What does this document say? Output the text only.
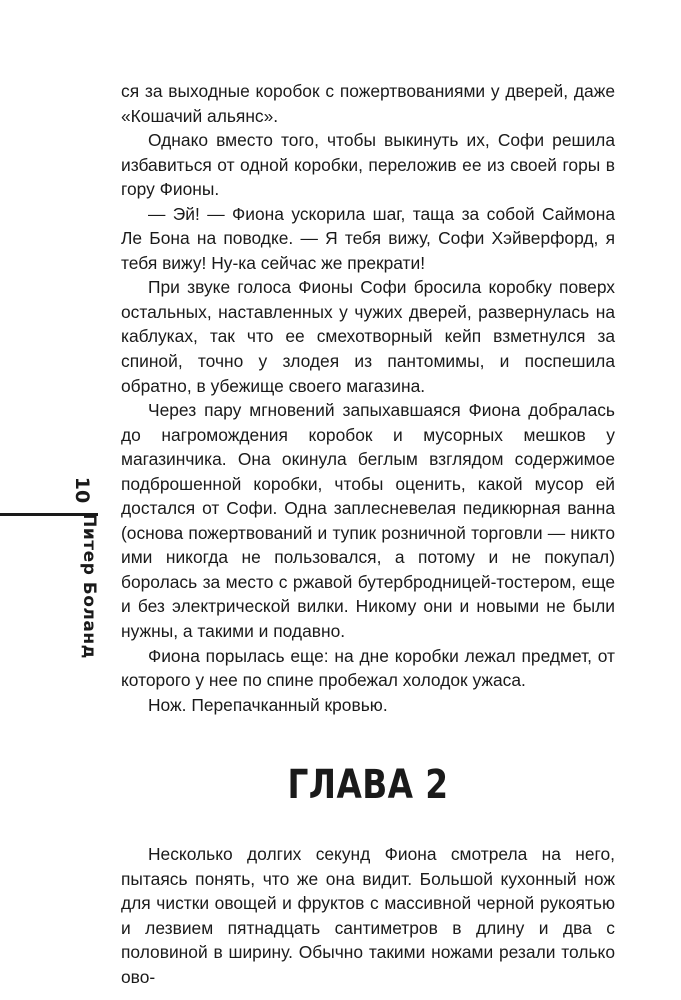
10
Питер Боланд

ся за выходные коробок с пожертвованиями у дверей, даже «Кошачий альянс».

Однако вместо того, чтобы выкинуть их, Софи решила избавиться от одной коробки, переложив ее из своей горы в гору Фионы.

— Эй! — Фиона ускорила шаг, таща за собой Саймона Ле Бона на поводке. — Я тебя вижу, Софи Хэйверфорд, я тебя вижу! Ну-ка сейчас же прекрати!

При звуке голоса Фионы Софи бросила коробку поверх остальных, наставленных у чужих дверей, развернулась на каблуках, так что ее смехотворный кейп взметнулся за спиной, точно у злодея из пантомимы, и поспешила обратно, в убежище своего магазина.

Через пару мгновений запыхавшаяся Фиона добралась до нагромождения коробок и мусорных мешков у магазинчика. Она окинула беглым взглядом содержимое подброшенной коробки, чтобы оценить, какой мусор ей достался от Софи. Одна заплесневелая педикюрная ванна (основа пожертвований и тупик розничной торговли — никто ими никогда не пользовался, а потому и не покупал) боролась за место с ржавой бутербродницей-тостером, еще и без электрической вилки. Никому они и новыми не были нужны, а такими и подавно.

Фиона порылась еще: на дне коробки лежал предмет, от которого у нее по спине пробежал холодок ужаса.

Нож. Перепачканный кровью.

ГЛАВА 2

Несколько долгих секунд Фиона смотрела на него, пытаясь понять, что же она видит. Большой кухонный нож для чистки овощей и фруктов с массивной черной рукоятью и лезвием пятнадцать сантиметров в длину и два с половиной в ширину. Обычно такими ножами резали только ово-
